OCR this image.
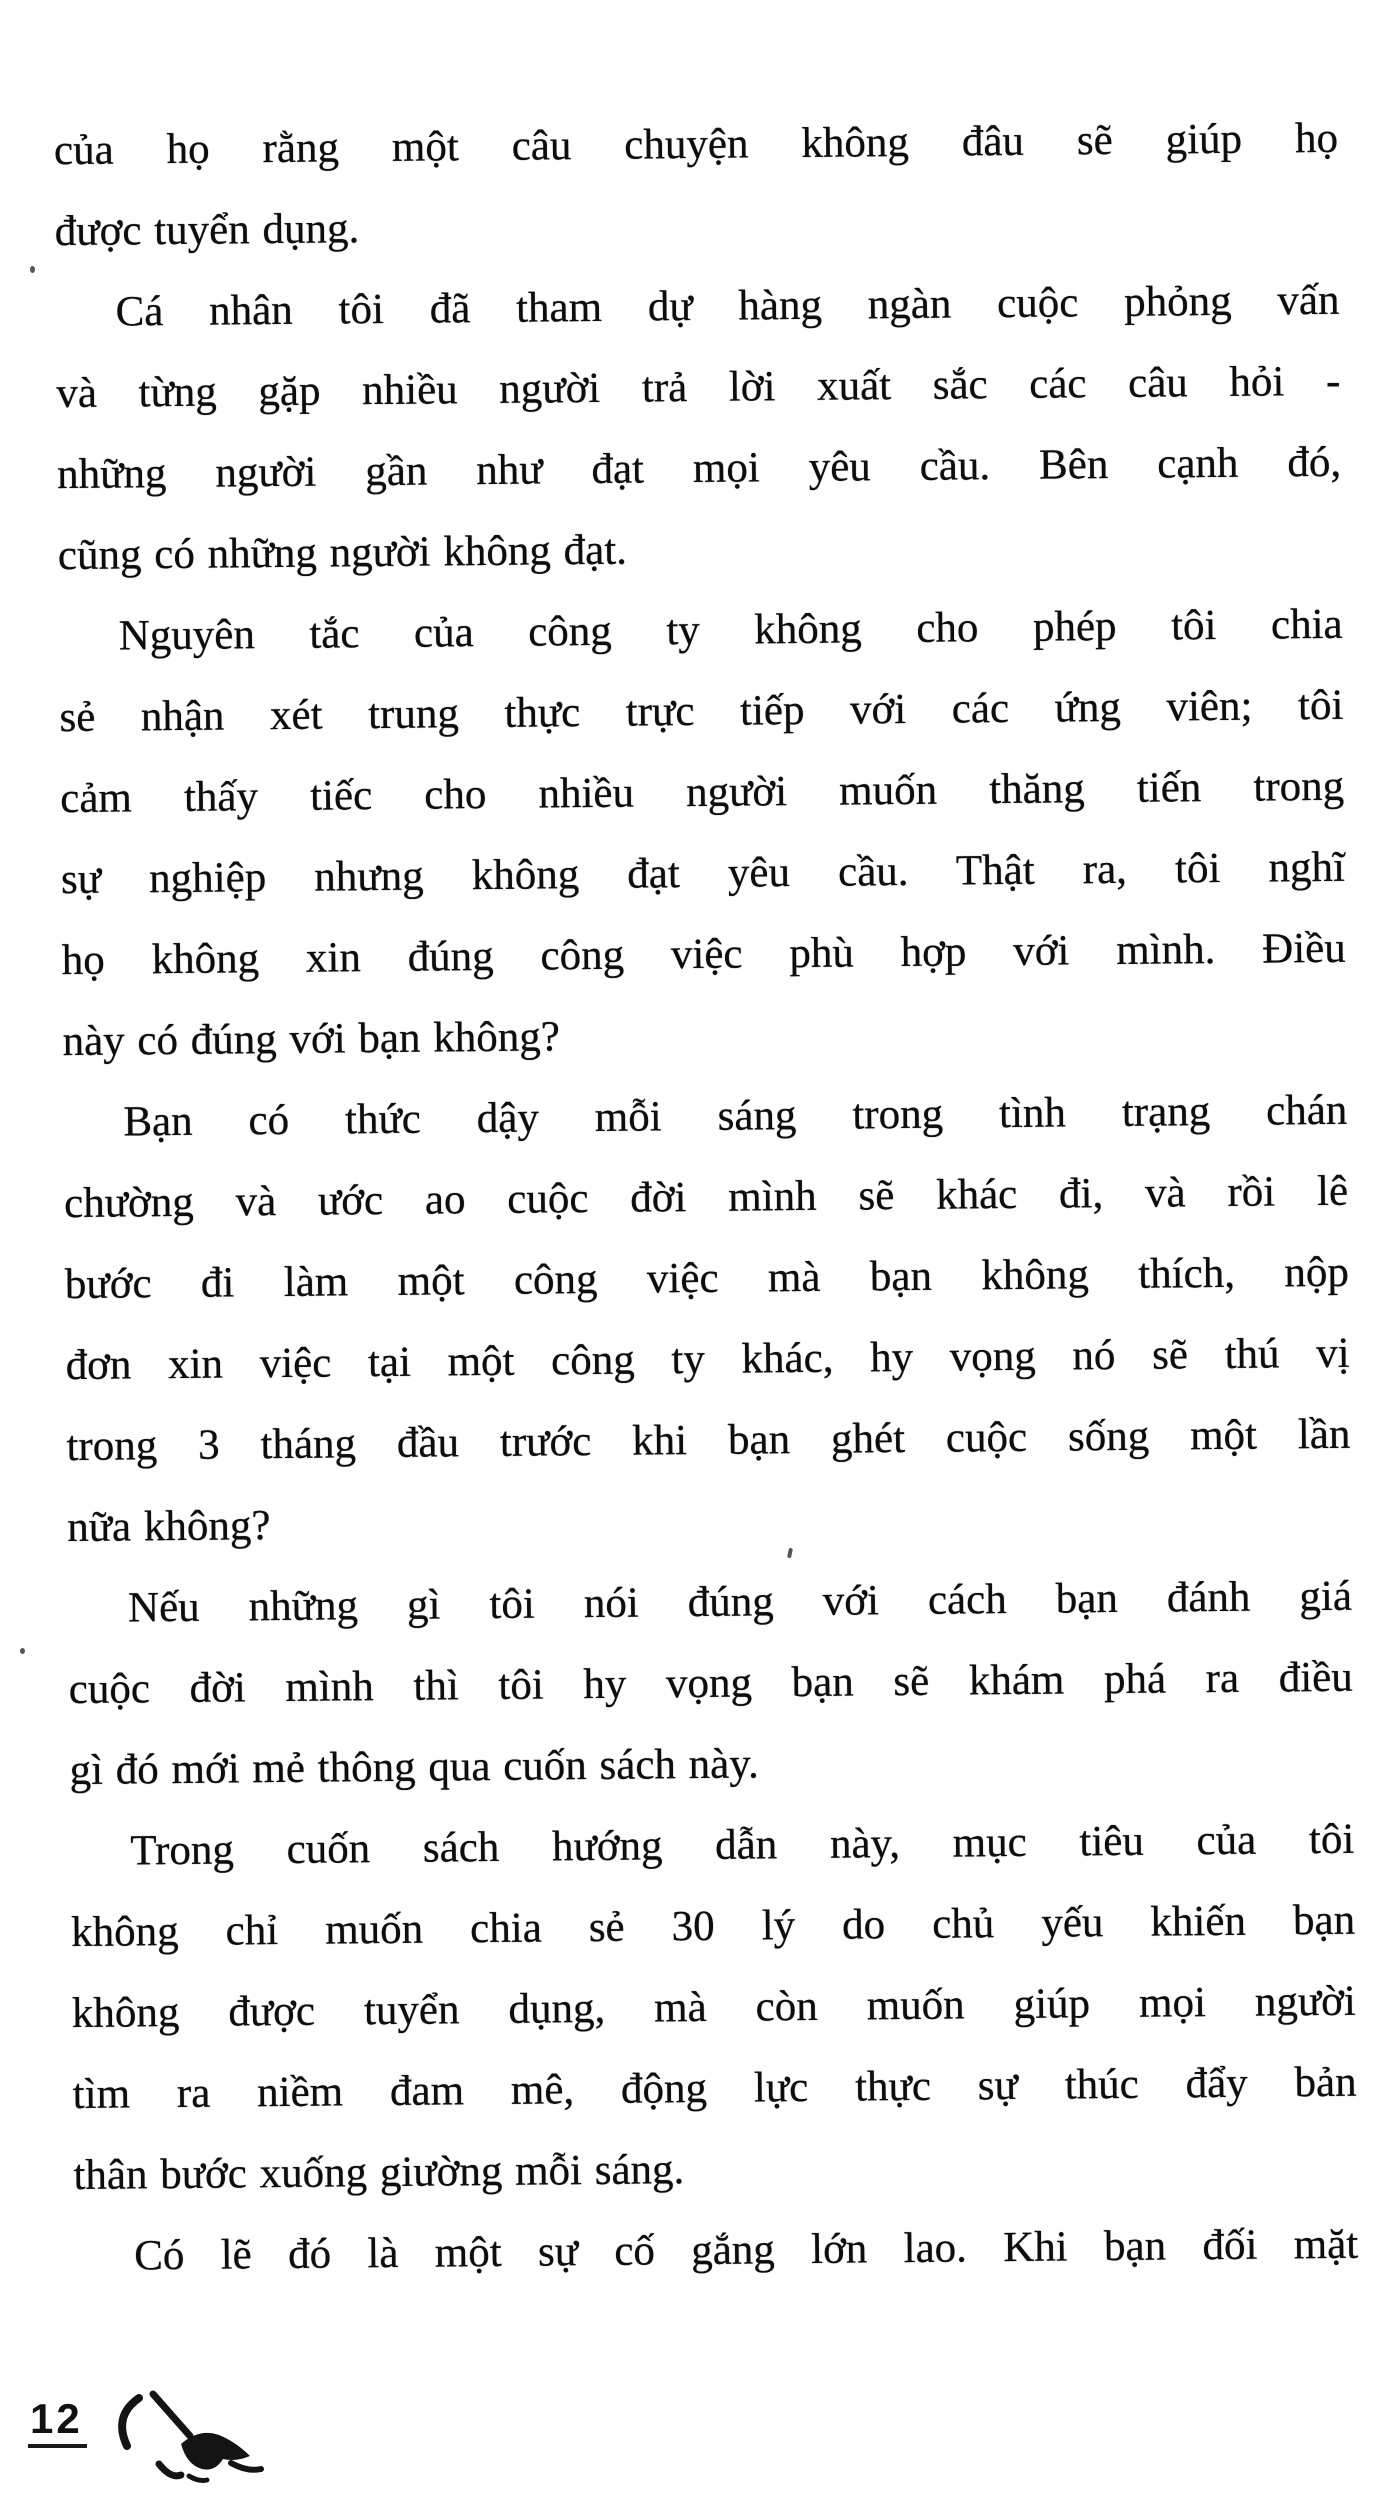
của họ rằng một câu chuyện không đâu sẽ giúp họ
được tuyển dụng.
Cá nhân tôi đã tham dự hàng ngàn cuộc phỏng vấn
và từng gặp nhiều người trả lời xuất sắc các câu hỏi -
những người gần như đạt mọi yêu cầu. Bên cạnh đó,
cũng có những người không đạt.
Nguyên tắc của công ty không cho phép tôi chia
sẻ nhận xét trung thực trực tiếp với các ứng viên; tôi
cảm thấy tiếc cho nhiều người muốn thăng tiến trong
sự nghiệp nhưng không đạt yêu cầu. Thật ra, tôi nghĩ
họ không xin đúng công việc phù hợp với mình. Điều
này có đúng với bạn không?
Bạn có thức dậy mỗi sáng trong tình trạng chán
chường và ước ao cuộc đời mình sẽ khác đi, và rồi lê
bước đi làm một công việc mà bạn không thích, nộp
đơn xin việc tại một công ty khác, hy vọng nó sẽ thú vị
trong 3 tháng đầu trước khi bạn ghét cuộc sống một lần
nữa không?
Nếu những gì tôi nói đúng với cách bạn đánh giá
cuộc đời mình thì tôi hy vọng bạn sẽ khám phá ra điều
gì đó mới mẻ thông qua cuốn sách này.
Trong cuốn sách hướng dẫn này, mục tiêu của tôi
không chỉ muốn chia sẻ 30 lý do chủ yếu khiến bạn
không được tuyển dụng, mà còn muốn giúp mọi người
tìm ra niềm đam mê, động lực thực sự thúc đẩy bản
thân bước xuống giường mỗi sáng.
Có lẽ đó là một sự cố gắng lớn lao. Khi bạn đối mặt
12
